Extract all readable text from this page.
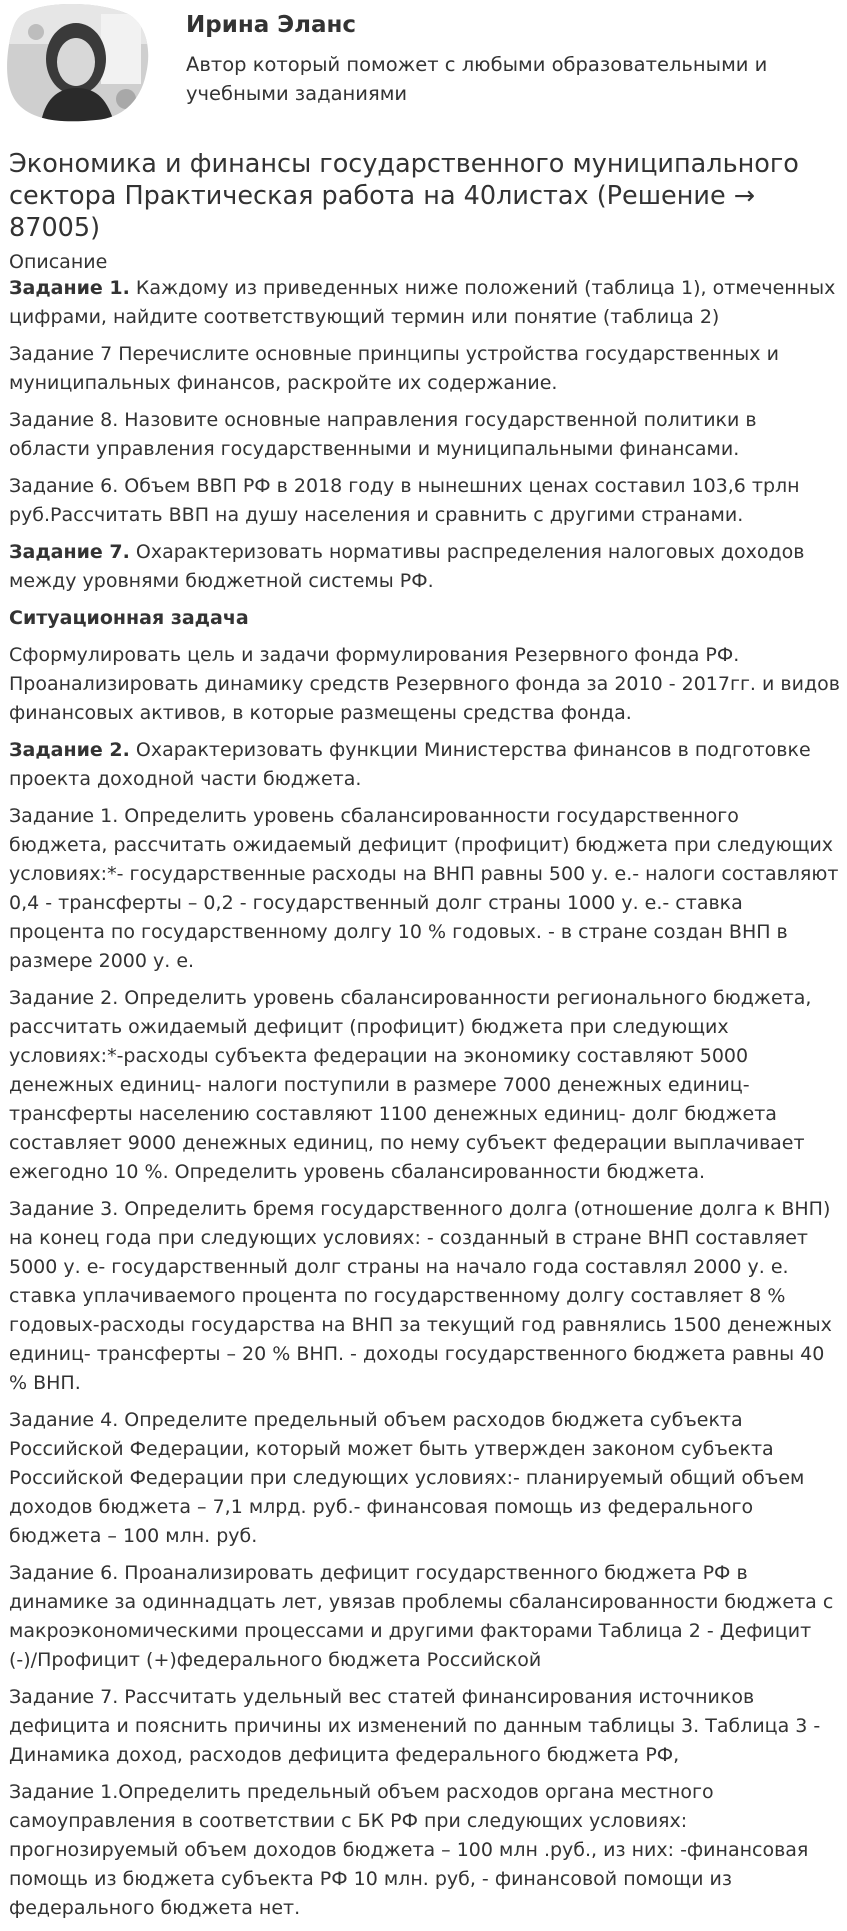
Ирина Эланс

Автор который поможет с любыми образовательными и учебными заданиями

Экономика и финансы государственного муниципального сектора Практическая работа на 40листах (Решение → 87005)
Описание

Задание 1. Каждому из приведенных ниже положений (таблица 1), отмеченных цифрами, найдите соответствующий термин или понятие (таблица 2)

Задание 7 Перечислите основные принципы устройства государственных и муниципальных финансов, раскройте их содержание.

Задание 8. Назовите основные направления государственной политики в области управления государственными и муниципальными финансами.

Задание 6. Объем ВВП РФ в 2018 году в нынешних ценах составил 103,6 трлн руб.Рассчитать ВВП на душу населения и сравнить с другими странами.

Задание 7. Охарактеризовать нормативы распределения налоговых доходов между уровнями бюджетной системы РФ.

Ситуационная задача

Сформулировать цель и задачи формулирования Резервного фонда РФ. Проанализировать динамику средств Резервного фонда за 2010 - 2017гг. и видов финансовых активов, в которые размещены средства фонда.

Задание 2. Охарактеризовать функции Министерства финансов в подготовке проекта доходной части бюджета.

Задание 1. Определить уровень сбалансированности государственного бюджета, рассчитать ожидаемый дефицит (профицит) бюджета при следующих условиях:*- государственные расходы на ВНП равны 500 у. е.- налоги составляют 0,4 - трансферты – 0,2 - государственный долг страны 1000 у. е.- ставка процента по государственному долгу 10 % годовых. - в стране создан ВНП в размере 2000 у. е.

Задание 2. Определить уровень сбалансированности регионального бюджета, рассчитать ожидаемый дефицит (профицит) бюджета при следующих условиях:*-расходы субъекта федерации на экономику составляют 5000 денежных единиц- налоги поступили в размере 7000 денежных единиц- трансферты населению составляют 1100 денежных единиц- долг бюджета составляет 9000 денежных единиц, по нему субъект федерации выплачивает ежегодно 10 %. Определить уровень сбалансированности бюджета.

Задание 3. Определить бремя государственного долга (отношение долга к ВНП) на конец года при следующих условиях: - созданный в стране ВНП составляет 5000 у. е- государственный долг страны на начало года составлял 2000 у. е. ставка уплачиваемого процента по государственному долгу составляет 8 % годовых-расходы государства на ВНП за текущий год равнялись 1500 денежных единиц- трансферты – 20 % ВНП. - доходы государственного бюджета равны 40 % ВНП.

Задание 4. Определите предельный объем расходов бюджета субъекта Российской Федерации, который может быть утвержден законом субъекта Российской Федерации при следующих условиях:- планируемый общий объем доходов бюджета – 7,1 млрд. руб.- финансовая помощь из федерального бюджета – 100 млн. руб.

Задание 6. Проанализировать дефицит государственного бюджета РФ в динамике за одиннадцать лет, увязав проблемы сбалансированности бюджета с макроэкономическими процессами и другими факторами Таблица 2 - Дефицит (-)/Профицит (+)федерального бюджета Российской

Задание 7. Рассчитать удельный вес статей финансирования источников дефицита и пояснить причины их изменений по данным таблицы 3. Таблица 3 - Динамика доход, расходов дефицита федерального бюджета РФ,

Задание 1.Определить предельный объем расходов органа местного самоуправления в соответствии с БК РФ при следующих условиях: прогнозируемый объем доходов бюджета – 100 млн .руб., из них: -финансовая помощь из бюджета субъекта РФ 10 млн. руб, - финансовой помощи из федерального бюджета нет.
